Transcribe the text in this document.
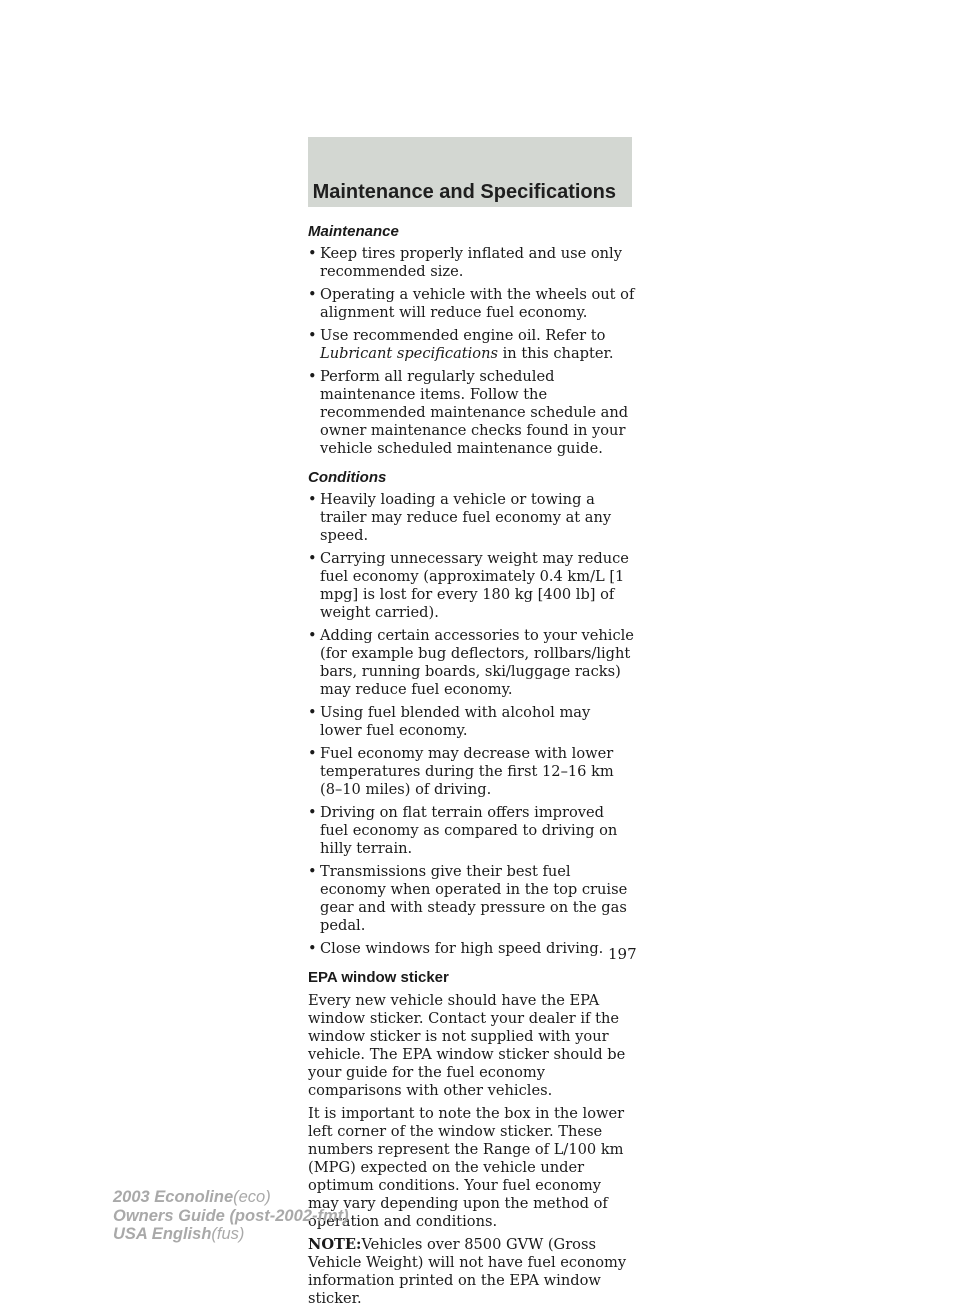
Maintenance and Specifications
Maintenance
• Keep tires properly inflated and use only recommended size.
• Operating a vehicle with the wheels out of alignment will reduce fuel economy.
• Use recommended engine oil. Refer to Lubricant specifications in this chapter.
• Perform all regularly scheduled maintenance items. Follow the recommended maintenance schedule and owner maintenance checks found in your vehicle scheduled maintenance guide.
Conditions
• Heavily loading a vehicle or towing a trailer may reduce fuel economy at any speed.
• Carrying unnecessary weight may reduce fuel economy (approximately 0.4 km/L [1 mpg] is lost for every 180 kg [400 lb] of weight carried).
• Adding certain accessories to your vehicle (for example bug deflectors, rollbars/light bars, running boards, ski/luggage racks) may reduce fuel economy.
• Using fuel blended with alcohol may lower fuel economy.
• Fuel economy may decrease with lower temperatures during the first 12–16 km (8–10 miles) of driving.
• Driving on flat terrain offers improved fuel economy as compared to driving on hilly terrain.
• Transmissions give their best fuel economy when operated in the top cruise gear and with steady pressure on the gas pedal.
• Close windows for high speed driving.
EPA window sticker

Every new vehicle should have the EPA window sticker. Contact your dealer if the window sticker is not supplied with your vehicle. The EPA window sticker should be your guide for the fuel economy comparisons with other vehicles.

It is important to note the box in the lower left corner of the window sticker. These numbers represent the Range of L/100 km (MPG) expected on the vehicle under optimum conditions. Your fuel economy may vary depending upon the method of operation and conditions.

NOTE:Vehicles over 8500 GVW (Gross Vehicle Weight) will not have fuel economy information printed on the EPA window sticker.

197
2003 Econoline(eco)
Owners Guide (post-2002-fmt)
USA English(fus)
